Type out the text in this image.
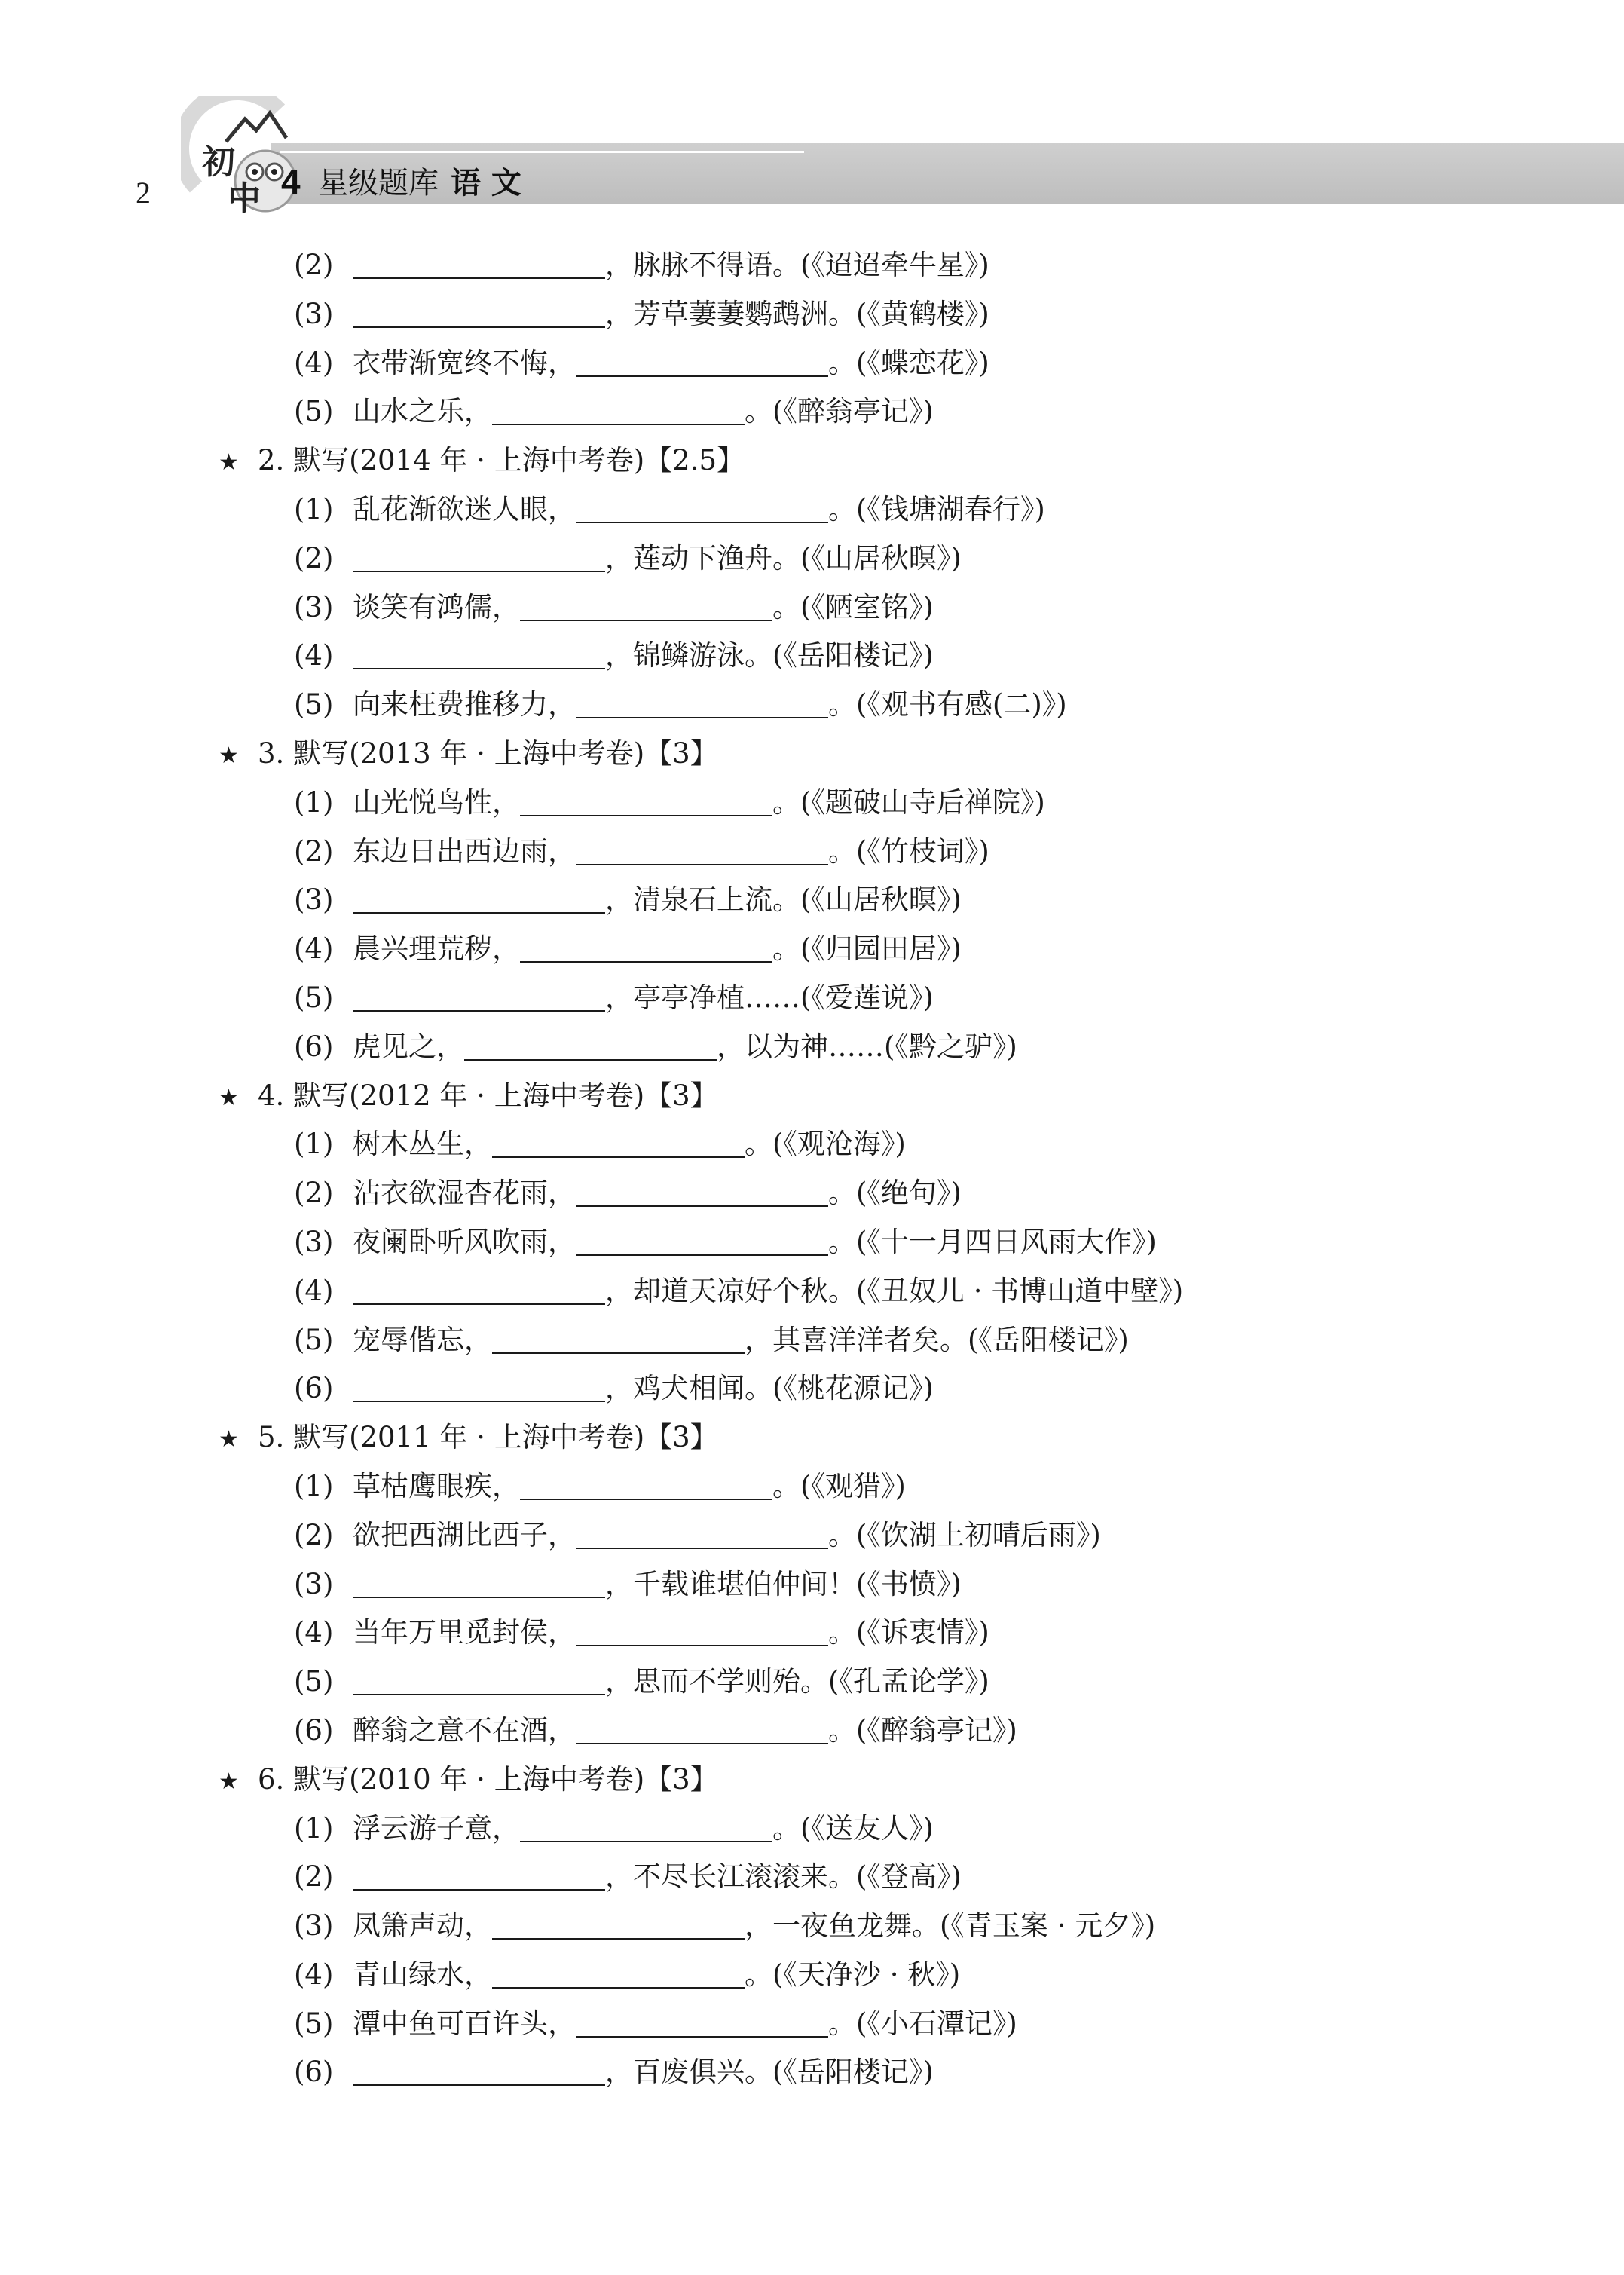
2
初
中 4 星级题库 语 文
(2)	，脉脉不得语。(《迢迢牵牛星》)
(3)	，芳草萋萋鹦鹉洲。(《黄鹤楼》)
(4) 衣带渐宽终不悔，	。(《蝶恋花》)
(5) 山水之乐，	。(《醉翁亭记》)
★ 2. 默写(2014 年 · 上海中考卷)【2.5】
(1) 乱花渐欲迷人眼，	。(《钱塘湖春行》)
(2)	，莲动下渔舟。(《山居秋暝》)
(3) 谈笑有鸿儒，	。(《陋室铭》)
(4)	，锦鳞游泳。(《岳阳楼记》)
(5) 向来枉费推移力，	。(《观书有感(二)》)
★ 3. 默写(2013 年 · 上海中考卷)【3】
(1) 山光悦鸟性，	。(《题破山寺后禅院》)
(2) 东边日出西边雨，	。(《竹枝词》)
(3)	，清泉石上流。(《山居秋暝》)
(4) 晨兴理荒秽，	。(《归园田居》)
(5)	，亭亭净植……(《爱莲说》)
(6) 虎见之，	，以为神……(《黔之驴》)
★ 4. 默写(2012 年 · 上海中考卷)【3】
(1) 树木丛生，	。(《观沧海》)
(2) 沾衣欲湿杏花雨，	。(《绝句》)
(3) 夜阑卧听风吹雨，	。(《十一月四日风雨大作》)
(4)	，却道天凉好个秋。(《丑奴儿 · 书博山道中壁》)
(5) 宠辱偕忘，	，其喜洋洋者矣。(《岳阳楼记》)
(6)	，鸡犬相闻。(《桃花源记》)
★ 5. 默写(2011 年 · 上海中考卷)【3】
(1) 草枯鹰眼疾，	。(《观猎》)
(2) 欲把西湖比西子，	。(《饮湖上初晴后雨》)
(3)	，千载谁堪伯仲间！(《书愤》)
(4) 当年万里觅封侯，	。(《诉衷情》)
(5)	，思而不学则殆。(《孔孟论学》)
(6) 醉翁之意不在酒，	。(《醉翁亭记》)
★ 6. 默写(2010 年 · 上海中考卷)【3】
(1) 浮云游子意，	。(《送友人》)
(2)	，不尽长江滚滚来。(《登高》)
(3) 凤箫声动，	，一夜鱼龙舞。(《青玉案 · 元夕》)
(4) 青山绿水，	。(《天净沙 · 秋》)
(5) 潭中鱼可百许头，	。(《小石潭记》)
(6)	，百废俱兴。(《岳阳楼记》)
